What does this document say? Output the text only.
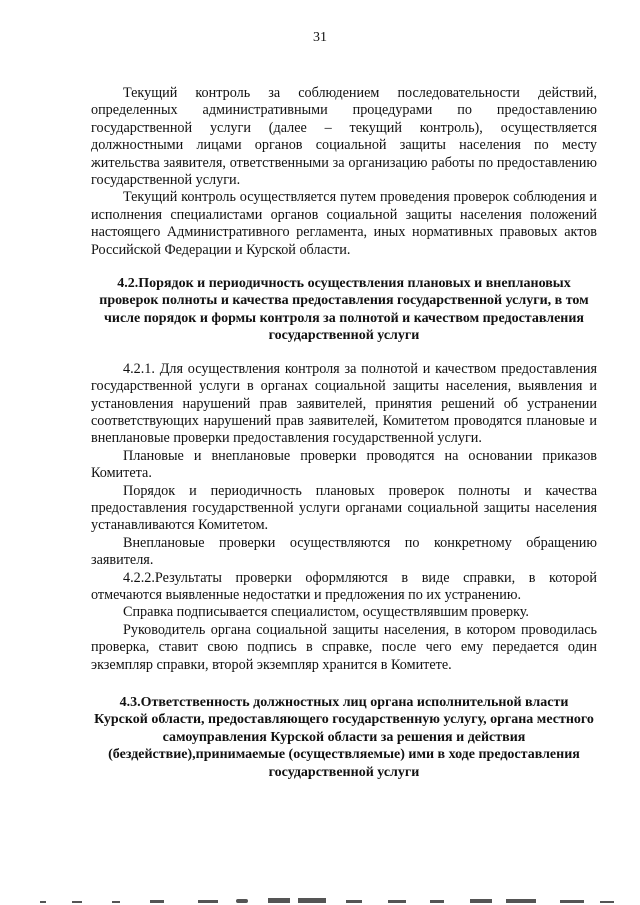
31

Текущий контроль за соблюдением последовательности действий, определенных административными процедурами по предоставлению государственной услуги (далее – текущий контроль), осуществляется должностными лицами органов социальной защиты населения по месту жительства заявителя, ответственными за организацию работы по предоставлению государственной услуги.

Текущий контроль осуществляется путем проведения проверок соблюдения и исполнения специалистами органов социальной защиты населения положений настоящего Административного регламента, иных нормативных правовых актов Российской Федерации и Курской области.

4.2.Порядок и периодичность осуществления плановых и внеплановых проверок полноты и качества предоставления государственной услуги, в том числе порядок и формы контроля за полнотой и качеством предоставления государственной услуги

4.2.1. Для осуществления контроля за полнотой и качеством предоставления государственной услуги в органах социальной защиты населения, выявления и установления нарушений прав заявителей, принятия решений об устранении соответствующих нарушений прав заявителей, Комитетом проводятся плановые и внеплановые проверки предоставления государственной услуги.

Плановые и внеплановые проверки проводятся на основании приказов Комитета.

Порядок и периодичность плановых проверок полноты и качества предоставления государственной услуги органами социальной защиты населения устанавливаются Комитетом.

Внеплановые проверки осуществляются по конкретному обращению заявителя.

4.2.2.Результаты проверки оформляются в виде справки, в которой отмечаются выявленные недостатки и предложения по их устранению.

Справка подписывается специалистом, осуществлявшим проверку.

Руководитель органа социальной защиты населения, в котором проводилась проверка, ставит свою подпись в справке, после чего ему передается один экземпляр справки, второй экземпляр хранится в Комитете.

4.3.Ответственность должностных лиц органа исполнительной власти Курской области, предоставляющего государственную услугу, органа местного самоуправления Курской области за решения и действия (бездействие),принимаемые (осуществляемые) ими в ходе предоставления государственной услуги
